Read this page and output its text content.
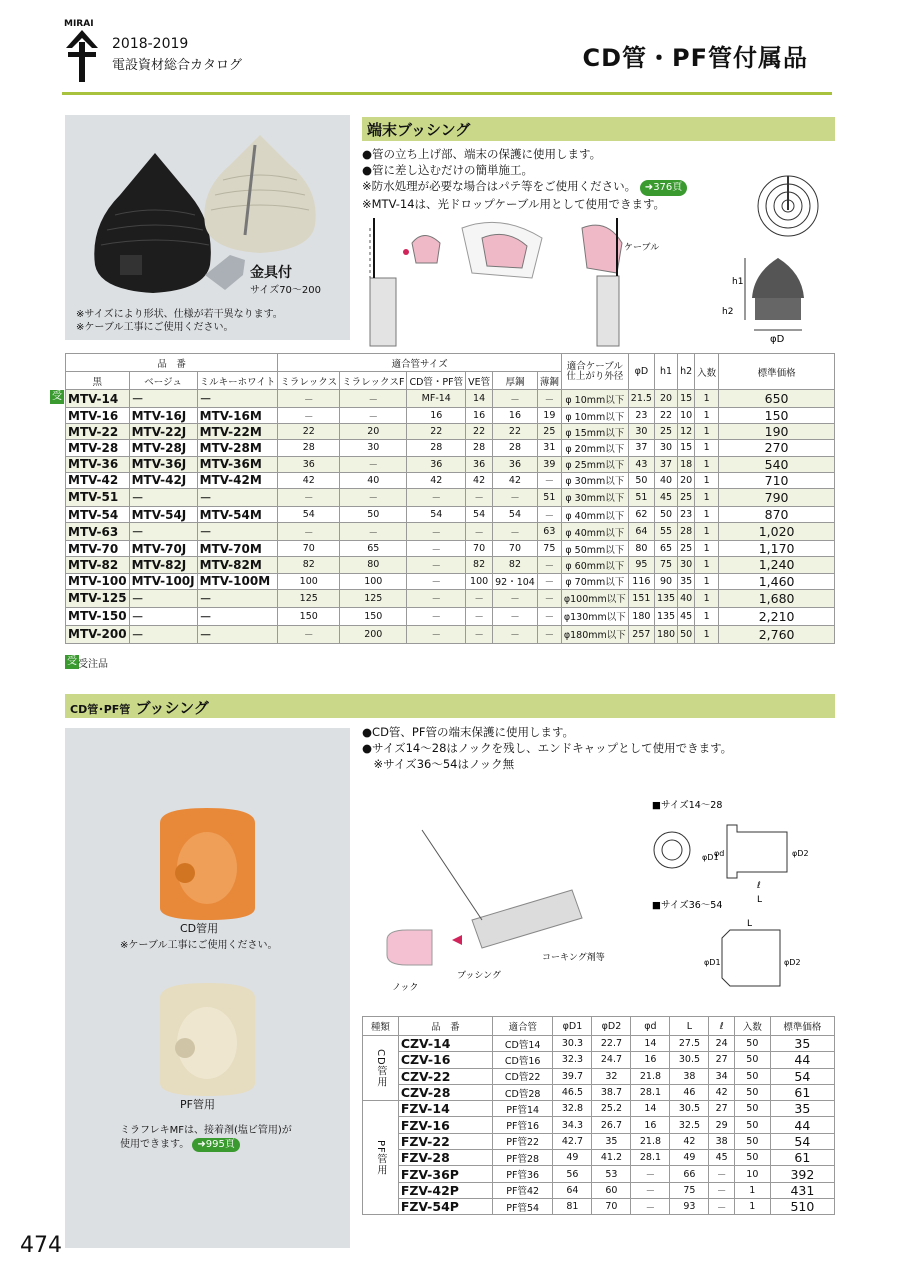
MIRAI
2018-2019
電設資材総合カタログ	CD管・PF管付属品
金具付
サイズ70～200
※サイズにより形状、仕様が若干異なります。
※ケーブル工事にご使用ください。
端末ブッシング
●管の立ち上げ部、端末の保護に使用します。
●管に差し込むだけの簡単施工。
※防水処理が必要な場合はパテ等をご使用ください。 ➜376頁
※MTV-14は、光ドロップケーブル用として使用できます。
ケーブル
h1
h2
φD
品　番			適合管サイズ						適合ケーブル仕上がり外径	φD	h1	h2	入数	標準価格
黒	ベージュ	ミルキーホワイト	ミラレックス	ミラレックスF	CD管・PF管	VE管	厚鋼	薄鋼						
MTV-14	－	－	－	－	MF-14	14	－	－	φ 10mm以下	21.5	20	15	1	650
MTV-16	MTV-16J	MTV-16M	－	－	16	16	16	19	φ 10mm以下	23	22	10	1	150
MTV-22	MTV-22J	MTV-22M	22	20	22	22	22	25	φ 15mm以下	30	25	12	1	190
MTV-28	MTV-28J	MTV-28M	28	30	28	28	28	31	φ 20mm以下	37	30	15	1	270
MTV-36	MTV-36J	MTV-36M	36	－	36	36	36	39	φ 25mm以下	43	37	18	1	540
MTV-42	MTV-42J	MTV-42M	42	40	42	42	42	－	φ 30mm以下	50	40	20	1	710
MTV-51	－	－	－	－	－	－	－	51	φ 30mm以下	51	45	25	1	790
MTV-54	MTV-54J	MTV-54M	54	50	54	54	54	－	φ 40mm以下	62	50	23	1	870
MTV-63	－	－	－	－	－	－	－	63	φ 40mm以下	64	55	28	1	1,020
MTV-70	MTV-70J	MTV-70M	70	65	－	70	70	75	φ 50mm以下	80	65	25	1	1,170
MTV-82	MTV-82J	MTV-82M	82	80	－	82	82	－	φ 60mm以下	95	75	30	1	1,240
MTV-100	MTV-100J	MTV-100M	100	100	－	100	92・104	－	φ 70mm以下	116	90	35	1	1,460
MTV-125	－	－	125	125	－	－	－	－	φ100mm以下	151	135	40	1	1,680
MTV-150	－	－	150	150	－	－	－	－	φ130mm以下	180	135	45	1	2,210
MTV-200	－	－	－	200	－	－	－	－	φ180mm以下	257	180	50	1	2,760
受
受 受注品
CD管･PF管 ブッシング
CD管用
※ケーブル工事にご使用ください。
PF管用
ミラフレキMFは、接着剤(塩ビ管用)が
使用できます。 ➜995頁
●CD管、PF管の端末保護に使用します。
●サイズ14～28はノックを残し、エンドキャップとして使用できます。
　※サイズ36～54はノック無
■サイズ14～28
φD1
φd	φD2
ℓ
L
■サイズ36～54
L
φD1	φD2
コーキング剤等
ブッシング
ノック
種類	品　番	適合管	φD1	φD2	φd	L	ℓ	入数	標準価格
CD管用	CZV-14	CD管14	30.3	22.7	14	27.5	24	50	35
	CZV-16	CD管16	32.3	24.7	16	30.5	27	50	44
	CZV-22	CD管22	39.7	32	21.8	38	34	50	54
	CZV-28	CD管28	46.5	38.7	28.1	46	42	50	61
PF管用	FZV-14	PF管14	32.8	25.2	14	30.5	27	50	35
	FZV-16	PF管16	34.3	26.7	16	32.5	29	50	44
	FZV-22	PF管22	42.7	35	21.8	42	38	50	54
	FZV-28	PF管28	49	41.2	28.1	49	45	50	61
	FZV-36P	PF管36	56	53	－	66	－	10	392
	FZV-42P	PF管42	64	60	－	75	－	1	431
	FZV-54P	PF管54	81	70	－	93	－	1	510
474
